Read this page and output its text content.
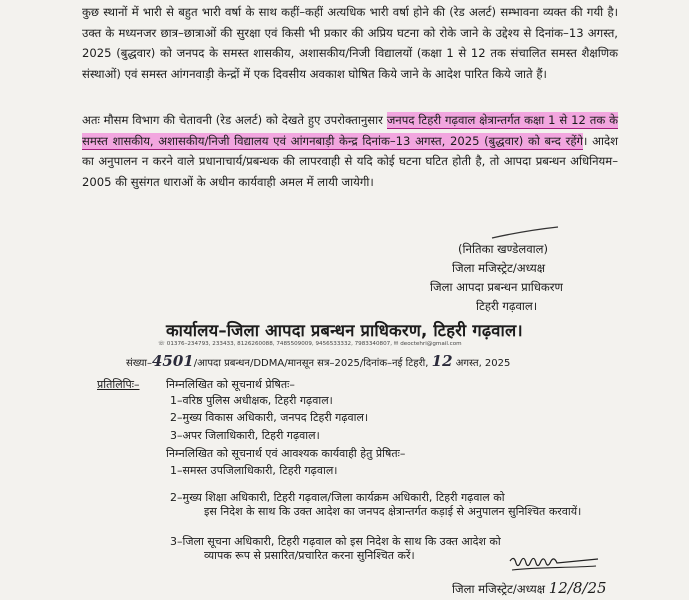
कुछ स्थानों में भारी से बहुत भारी वर्षा के साथ कहीं–कहीं अत्यधिक भारी वर्षा होने की (रेड अलर्ट) सम्भावना व्यक्त की गयी है। उक्त के मध्यनजर छात्र–छात्राओं की सुरक्षा एवं किसी भी प्रकार की अप्रिय घटना को रोके जाने के उद्देश्य से दिनांक–13 अगस्त, 2025 (बुद्धवार) को जनपद के समस्त शासकीय, अशासकीय/निजी विद्यालयों (कक्षा 1 से 12 तक संचालित समस्त शैक्षणिक संस्थाओं) एवं समस्त आंगनवाड़ी केन्द्रों में एक दिवसीय अवकाश घोषित किये जाने के आदेश पारित किये जाते हैं।

अतः मौसम विभाग की चेतावनी (रेड अलर्ट) को देखते हुए उपरोक्तानुसार जनपद टिहरी गढ़वाल क्षेत्रान्तर्गत कक्षा 1 से 12 तक के समस्त शासकीय, अशासकीय/निजी विद्यालय एवं आंगनबाड़ी केन्द्र दिनांक–13 अगस्त, 2025 (बुद्धवार) को बन्द रहेंगे। आदेश का अनुपालन न करने वाले प्रधानाचार्य/प्रबन्धक की लापरवाही से यदि कोई घटना घटित होती है, तो आपदा प्रबन्धन अधिनियम–2005 की सुसंगत धाराओं के अधीन कार्यवाही अमल में लायी जायेगी।

(नितिका खण्डेलवाल)
जिला मजिस्ट्रेट/अध्यक्ष
जिला आपदा प्रबन्धन प्राधिकरण
टिहरी गढ़वाल।
कार्यालय–जिला आपदा प्रबन्धन प्राधिकरण, टिहरी गढ़वाल।
☏ 01376–234793, 233433, 8126260088, 7485509009, 9456533332, 7983340807, ✉ deoctehri@gmail.com
संख्या–4501/आपदा प्रबन्धन/DDMA/मानसून सत्र–2025/दिनांक–नई टिहरी, 12 अगस्त, 2025
प्रतिलिपिः– निम्नलिखित को सूचनार्थ प्रेषितः–

1–वरिष्ठ पुलिस अधीक्षक, टिहरी गढ़वाल।

2–मुख्य विकास अधिकारी, जनपद टिहरी गढ़वाल।

3–अपर जिलाधिकारी, टिहरी गढ़वाल।

निम्नलिखित को सूचनार्थ एवं आवश्यक कार्यवाही हेतु प्रेषितः–

1–समस्त उपजिलाधिकारी, टिहरी गढ़वाल।

2–मुख्य शिक्षा अधिकारी, टिहरी गढ़वाल/जिला कार्यक्रम अधिकारी, टिहरी गढ़वाल को
इस निदेश के साथ कि उक्त आदेश का जनपद क्षेत्रान्तर्गत कड़ाई से अनुपालन सुनिश्चित करवायें।

3–जिला सूचना अधिकारी, टिहरी गढ़वाल को इस निदेश के साथ कि उक्त आदेश को
व्यापक रूप से प्रसारित/प्रचारित करना सुनिश्चित करें।

जिला मजिस्ट्रेट/अध्यक्ष 12/8/25
